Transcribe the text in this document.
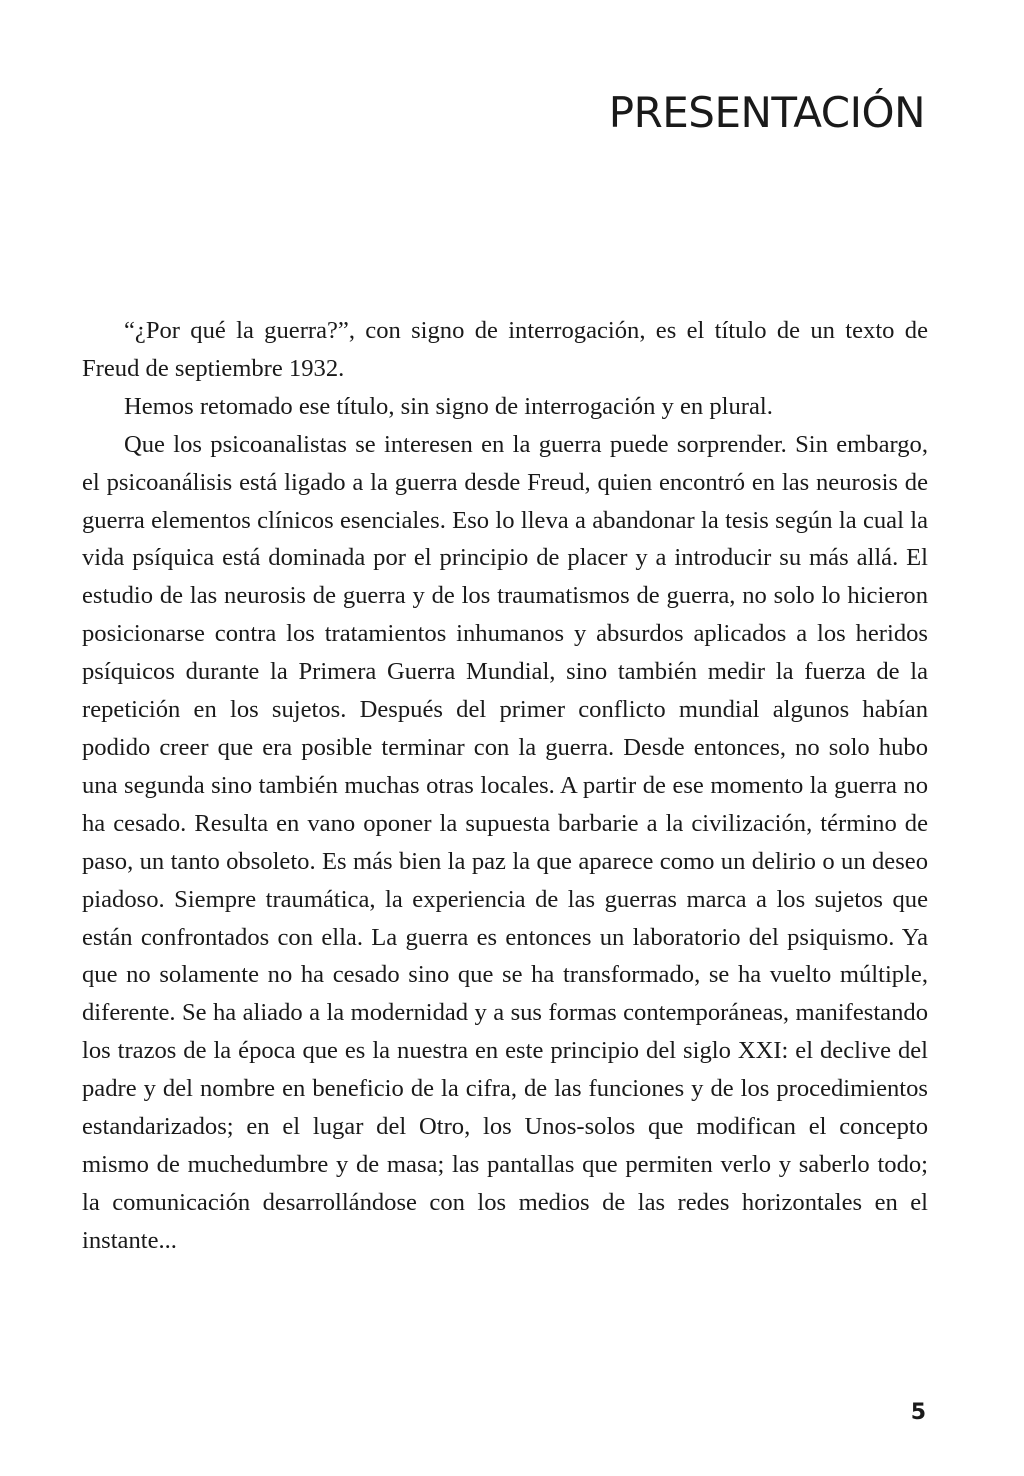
PRESENTACIÓN

“¿Por qué la guerra?”, con signo de interrogación, es el título de un texto de Freud de septiembre 1932.

Hemos retomado ese título, sin signo de interrogación y en plural.

Que los psicoanalistas se interesen en la guerra puede sorprender. Sin embargo, el psicoanálisis está ligado a la guerra desde Freud, quien encontró en las neurosis de guerra elementos clínicos esenciales. Eso lo lleva a abandonar la tesis según la cual la vida psíquica está dominada por el principio de placer y a introducir su más allá. El estudio de las neurosis de guerra y de los traumatismos de guerra, no solo lo hicieron posicionarse contra los tratamientos inhumanos y absurdos aplicados a los heridos psíquicos durante la Primera Guerra Mundial, sino también medir la fuerza de la repetición en los sujetos. Después del primer conflicto mundial algunos habían podido creer que era posible terminar con la guerra. Desde entonces, no solo hubo una segunda sino también muchas otras locales. A partir de ese momento la guerra no ha cesado. Resulta en vano oponer la supuesta barbarie a la civilización, término de paso, un tanto obsoleto. Es más bien la paz la que aparece como un delirio o un deseo piadoso. Siempre traumática, la experiencia de las guerras marca a los sujetos que están confrontados con ella. La guerra es entonces un laboratorio del psiquismo. Ya que no solamente no ha cesado sino que se ha transformado, se ha vuelto múltiple, diferente. Se ha aliado a la modernidad y a sus formas contemporáneas, manifestando los trazos de la época que es la nuestra en este principio del siglo XXI: el declive del padre y del nombre en beneficio de la cifra, de las funciones y de los procedimientos estandarizados; en el lugar del Otro, los Unos-solos que modifican el concepto mismo de muchedumbre y de masa; las pantallas que permiten verlo y saberlo todo; la comunicación desarrollándose con los medios de las redes horizontales en el instante...

5
